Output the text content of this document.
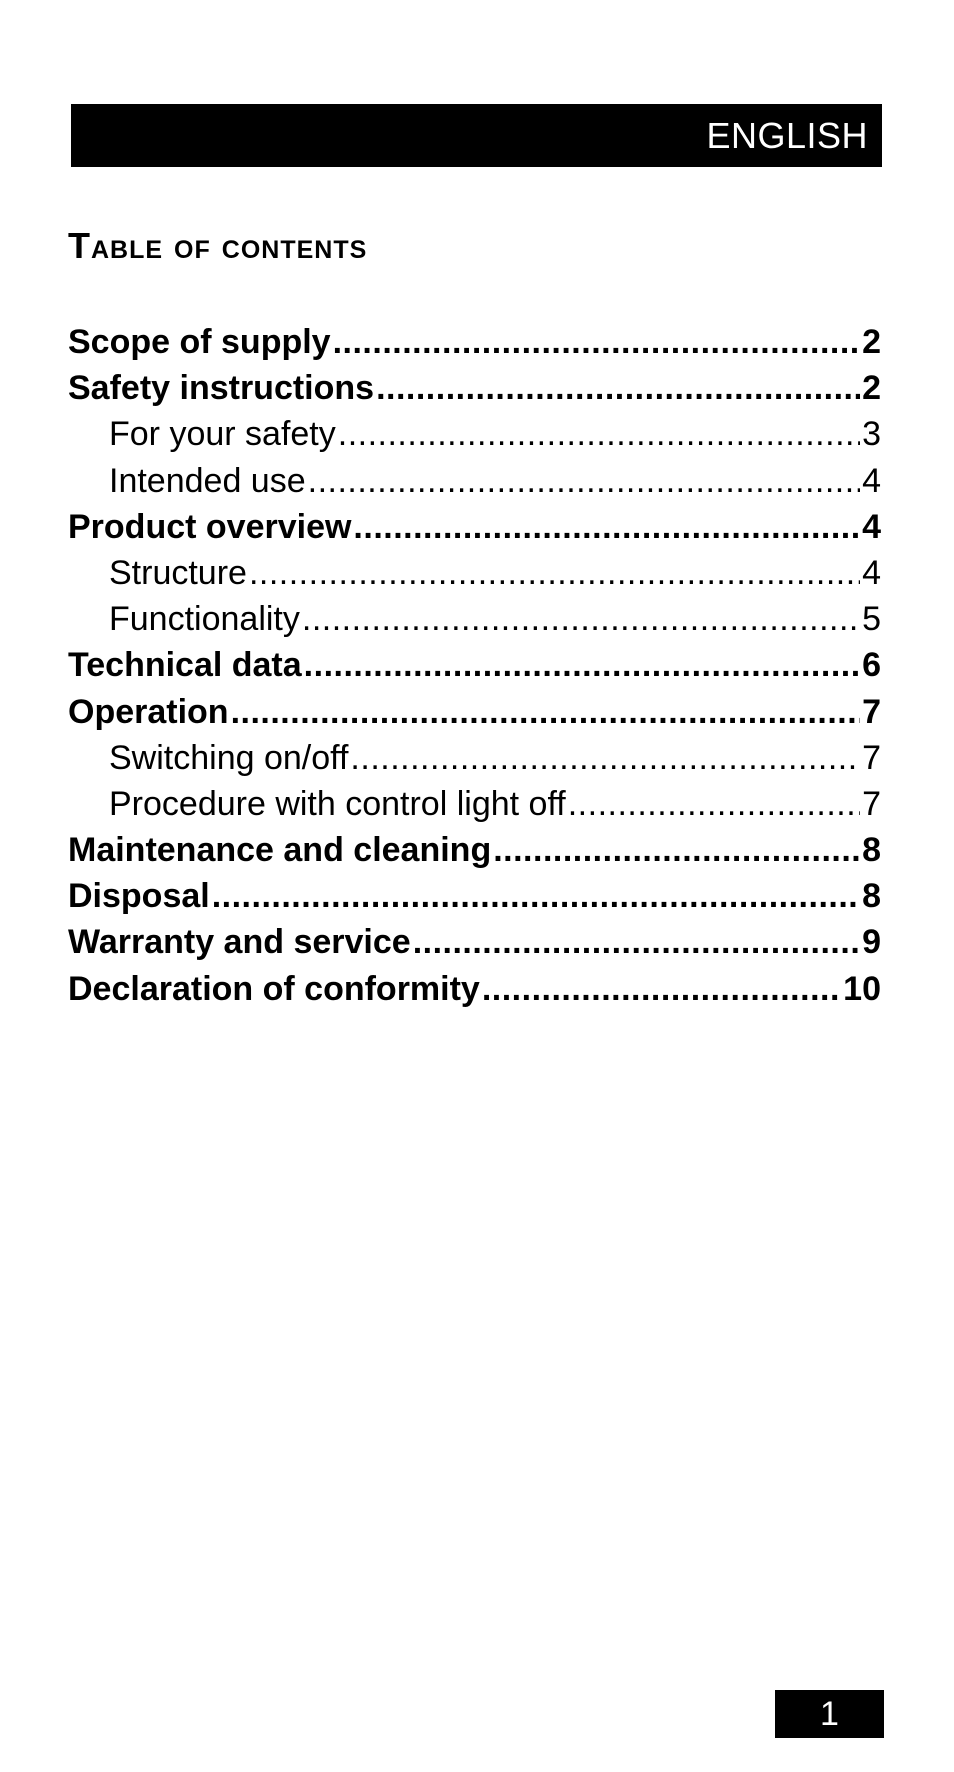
ENGLISH
Table of contents
Scope of supply .....	2
Safety instructions .....	2
For your safety .....	3
Intended use .....	4
Product overview .....	4
Structure .....	4
Functionality .....	5
Technical data .....	6
Operation .....	7
Switching on/off .....	7
Procedure with control light off .....	7
Maintenance and cleaning .....	8
Disposal .....	8
Warranty and service .....	9
Declaration of conformity .....	10
1
